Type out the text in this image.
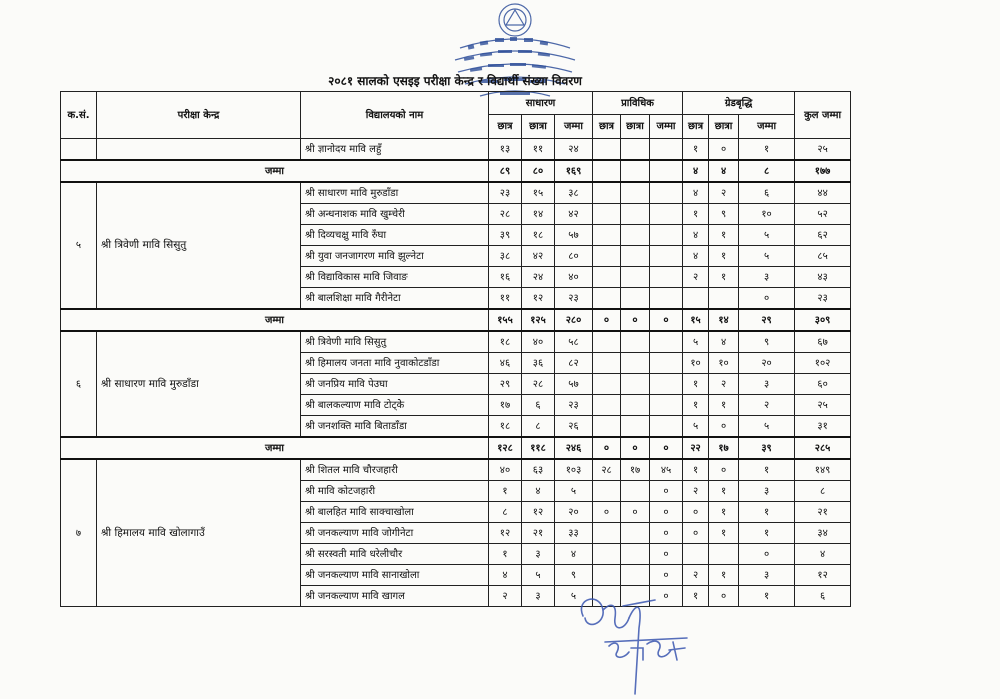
२०८१ सालको एसइइ परीक्षा केन्द्र र विद्यार्थी संख्या विवरण
क.सं.	परीक्षा केन्द्र	विद्यालयको नाम	साधारण			प्राविधिक			ग्रेडबृद्धि			कुल जम्मा
			छात्र	छात्रा	जम्मा	छात्र	छात्रा	जम्मा	छात्र	छात्रा	जम्मा	
		श्री ज्ञानोदय मावि लहुँ	१३	११	२४				१	०	१	२५
जम्मा			८९	८०	१६९				४	४	८	१७७
५	श्री त्रिवेणी मावि सिसुतु	श्री साधारण मावि मुरुडाँडा	२३	१५	३८				४	२	६	४४
		श्री अन्धनाशक मावि खुम्चेरी	२८	१४	४२				१	९	१०	५२
		श्री दिव्यचक्षु मावि रुँघा	३९	१८	५७				४	१	५	६२
		श्री युवा जनजागरण मावि झुल्नेटा	३८	४२	८०				४	१	५	८५
		श्री विद्याविकास मावि जिवाङ	१६	२४	४०				२	१	३	४३
		श्री बालशिक्षा मावि गैरीनेटा	११	१२	२३						०	२३
जम्मा			१५५	१२५	२८०	०	०	०	१५	१४	२९	३०९
६	श्री साधारण मावि मुरुडाँडा	श्री त्रिवेणी मावि सिसुतु	१८	४०	५८				५	४	९	६७
		श्री हिमालय जनता मावि नुवाकोटडाँडा	४६	३६	८२				१०	१०	२०	१०२
		श्री जनप्रिय मावि पेउघा	२९	२८	५७				१	२	३	६०
		श्री बालकल्याण मावि टोट्केे	१७	६	२३				१	१	२	२५
		श्री जनशक्ति मावि बिताडाँडा	१८	८	२६				५	०	५	३१
जम्मा			१२८	११८	२४६	०	०	०	२२	१७	३९	२८५
७	श्री हिमालय मावि खोलागाउँ	श्री शितल मावि चौरजहारी	४०	६३	१०३	२८	१७	४५	१	०	१	१४९
		श्री मावि कोटजहारी	१	४	५			०	२	१	३	८
		श्री बालहित मावि साक्चाखोला	८	१२	२०	०	०	०	०	१	१	२१
		श्री जनकल्याण मावि जोगीनेटा	१२	२१	३३			०	०	१	१	३४
		श्री सरस्वती मावि धरेलीचौर	१	३	४			०			०	४
		श्री जनकल्याण मावि सानाखोला	४	५	९			०	२	१	३	१२
		श्री जनकल्याण मावि खागल	२	३	५			०	१	०	१	६
